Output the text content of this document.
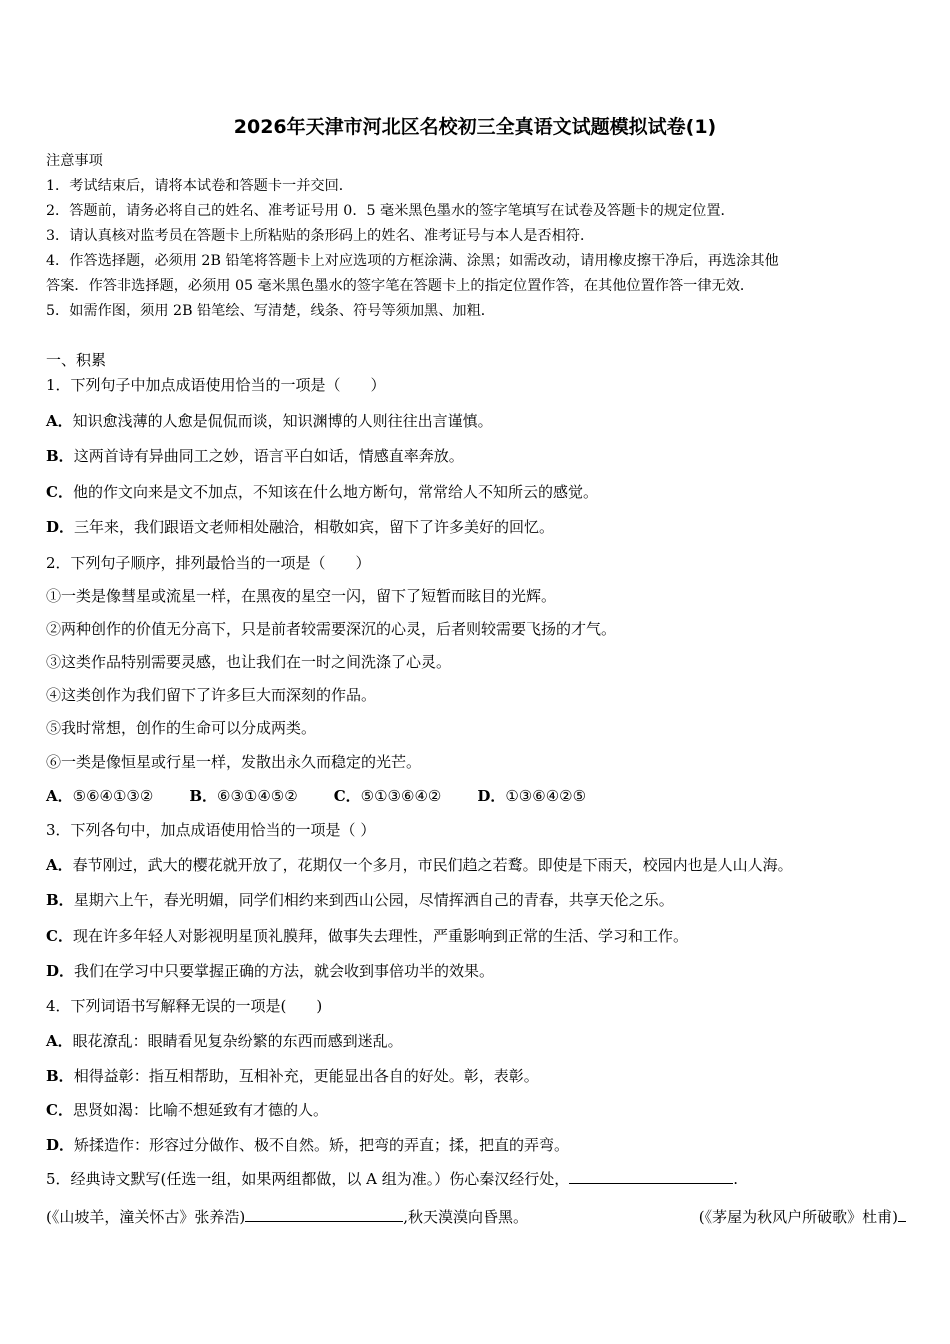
2026年天津市河北区名校初三全真语文试题模拟试卷(1)
注意事项
1．考试结束后，请将本试卷和答题卡一并交回．
2．答题前，请务必将自己的姓名、准考证号用 0．5 毫米黑色墨水的签字笔填写在试卷及答题卡的规定位置．
3．请认真核对监考员在答题卡上所粘贴的条形码上的姓名、准考证号与本人是否相符．
4．作答选择题，必须用 2B 铅笔将答题卡上对应选项的方框涂满、涂黑；如需改动，请用橡皮擦干净后，再选涂其他
答案．作答非选择题，必须用 05 毫米黑色墨水的签字笔在答题卡上的指定位置作答，在其他位置作答一律无效．
5．如需作图，须用 2B 铅笔绘、写清楚，线条、符号等须加黑、加粗．
一、积累
1．下列句子中加点成语使用恰当的一项是（　　）
A．知识愈浅薄的人愈是侃侃而谈，知识渊博的人则往往出言谨慎。
B．这两首诗有异曲同工之妙，语言平白如话，情感直率奔放。
C．他的作文向来是文不加点，不知该在什么地方断句，常常给人不知所云的感觉。
D．三年来，我们跟语文老师相处融洽，相敬如宾，留下了许多美好的回忆。
2．下列句子顺序，排列最恰当的一项是（　　）
①一类是像彗星或流星一样，在黑夜的星空一闪，留下了短暂而眩目的光辉。
②两种创作的价值无分高下，只是前者较需要深沉的心灵，后者则较需要飞扬的才气。
③这类作品特别需要灵感，也让我们在一时之间洗涤了心灵。
④这类创作为我们留下了许多巨大而深刻的作品。
⑤我时常想，创作的生命可以分成两类。
⑥一类是像恒星或行星一样，发散出永久而稳定的光芒。
A．⑤⑥④①③② B．⑥③①④⑤② C．⑤①③⑥④② D．①③⑥④②⑤
3．下列各句中，加点成语使用恰当的一项是（ ）
A．春节刚过，武大的樱花就开放了，花期仅一个多月，市民们趋之若鹜。即使是下雨天，校园内也是人山人海。
B．星期六上午，春光明媚，同学们相约来到西山公园，尽情挥洒自己的青春，共享天伦之乐。
C．现在许多年轻人对影视明星顶礼膜拜，做事失去理性，严重影响到正常的生活、学习和工作。
D．我们在学习中只要掌握正确的方法，就会收到事倍功半的效果。
4．下列词语书写解释无误的一项是(　　)
A．眼花潦乱：眼睛看见复杂纷繁的东西而感到迷乱。
B．相得益彰：指互相帮助，互相补充，更能显出各自的好处。彰，表彰。
C．思贤如渴：比喻不想延致有才德的人。
D．矫揉造作：形容过分做作、极不自然。矫，把弯的弄直；揉，把直的弄弯。
5．经典诗文默写(任选一组，如果两组都做，以 A 组为准。）伤心秦汉经行处，	.
(《山坡羊，潼关怀古》张养浩)	,秋天漠漠向昏黑。	(《茅屋为秋风户所破歌》杜甫)
